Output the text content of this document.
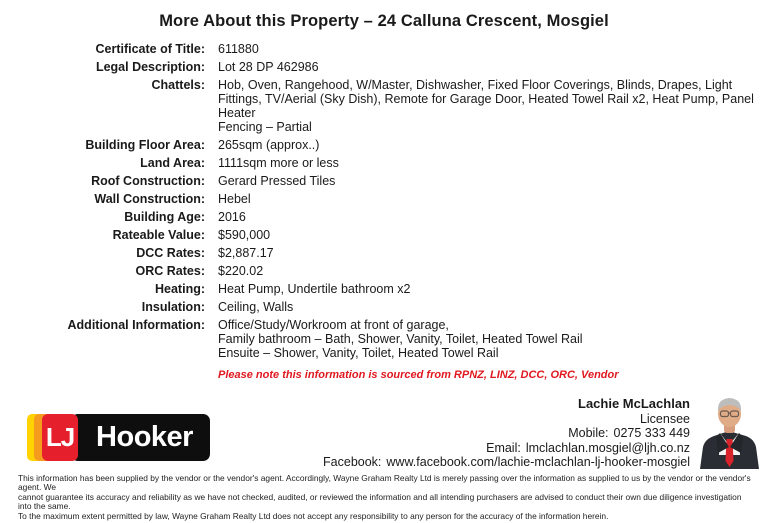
More About this Property – 24 Calluna Crescent, Mosgiel
Certificate of Title: 611880
Legal Description: Lot 28 DP 462986
Chattels: Hob, Oven, Rangehood, W/Master, Dishwasher, Fixed Floor Coverings, Blinds, Drapes, Light
Fittings, TV/Aerial (Sky Dish), Remote for Garage Door, Heated Towel Rail x2, Heat Pump, Panel
Heater
Fencing – Partial
Building Floor Area: 265sqm (approx..)
Land Area: 1111sqm more or less
Roof Construction: Gerard Pressed Tiles
Wall Construction: Hebel
Building Age: 2016
Rateable Value: $590,000
DCC Rates: $2,887.17
ORC Rates: $220.02
Heating: Heat Pump, Undertile bathroom x2
Insulation: Ceiling, Walls
Additional Information: Office/Study/Workroom at front of garage,
Family bathroom – Bath, Shower, Vanity, Toilet, Heated Towel Rail
Ensuite – Shower, Vanity, Toilet, Heated Towel Rail
Please note this information is sourced from RPNZ, LINZ, DCC, ORC, Vendor
Hooker
LJ
Lachie McLachlan
Licensee
Mobile: 0275 333 449
Email: lmclachlan.mosgiel@ljh.co.nz
Facebook: www.facebook.com/lachie-mclachlan-lj-hooker-mosgiel
This information has been supplied by the vendor or the vendor's agent. Accordingly, Wayne Graham Realty Ltd is merely passing over the information as supplied to us by the vendor or the vendor's agent. We
cannot guarantee its accuracy and reliability as we have not checked, audited, or reviewed the information and all intending purchasers are advised to conduct their own due diligence investigation into the same.
To the maximum extent permitted by law, Wayne Graham Realty Ltd does not accept any responsibility to any person for the accuracy of the information herein.
